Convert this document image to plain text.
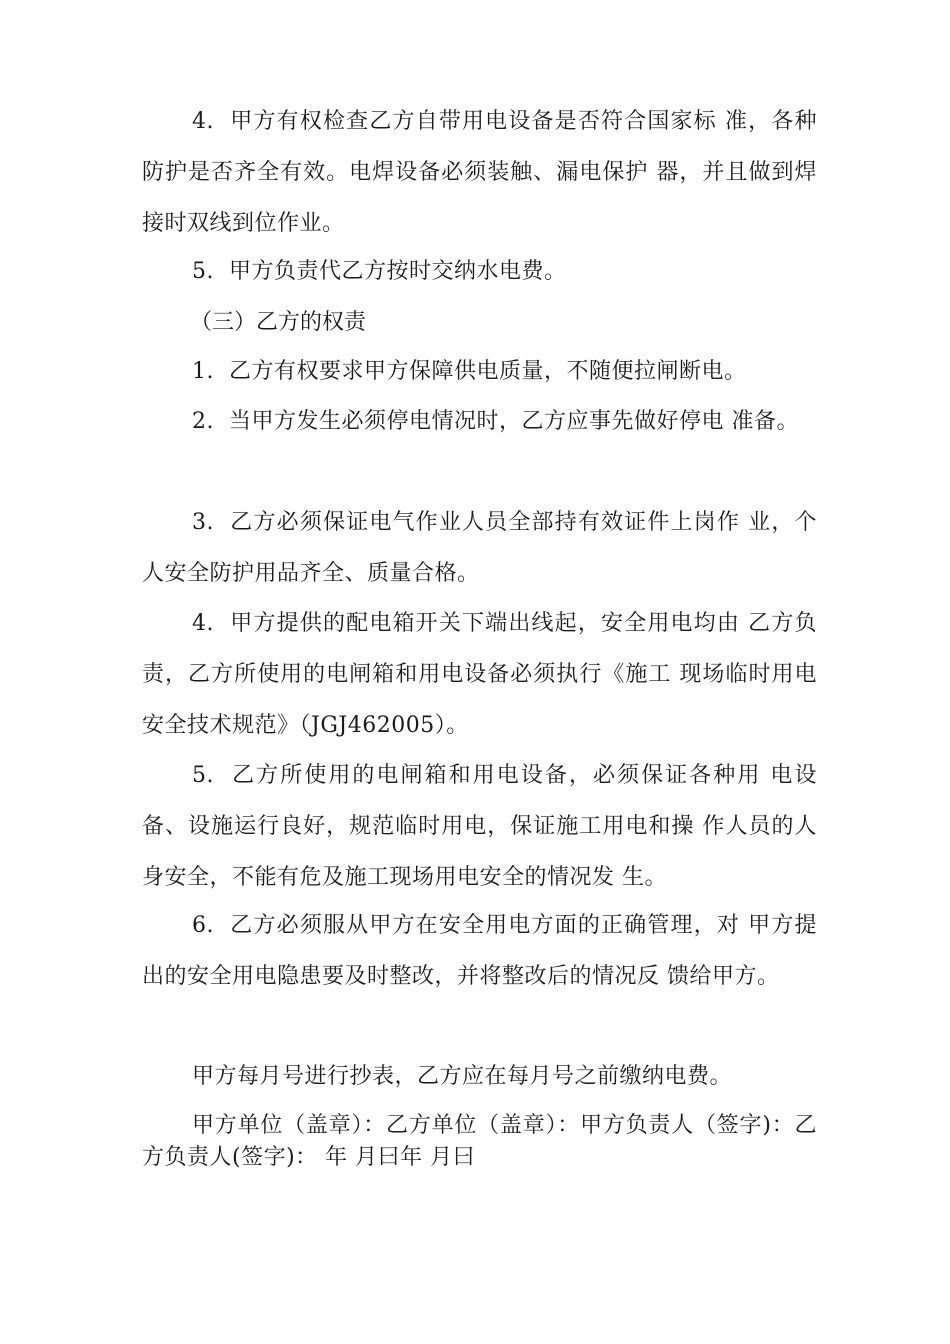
4.  甲方有权检查乙方自带用电设备是否符合国家标 准，各种防护是否齐全有效。电焊设备必须装触、漏电保护 器，并且做到焊接时双线到位作业。

5.  甲方负责代乙方按时交纳水电费。

（三）乙方的权责

1.  乙方有权要求甲方保障供电质量，不随便拉闸断电。

2.  当甲方发生必须停电情况时，乙方应事先做好停电 准备。

3.  乙方必须保证电气作业人员全部持有效证件上岗作 业，个人安全防护用品齐全、质量合格。

4.  甲方提供的配电箱开关下端出线起，安全用电均由 乙方负责，乙方所使用的电闸箱和用电设备必须执行《施工 现场临时用电安全技术规范》（JGJ462005）。

5.  乙方所使用的电闸箱和用电设备，必须保证各种用 电设备、设施运行良好，规范临时用电，保证施工用电和操 作人员的人身安全，不能有危及施工现场用电安全的情况发 生。

6.  乙方必须服从甲方在安全用电方面的正确管理，对 甲方提出的安全用电隐患要及时整改，并将整改后的情况反 馈给甲方。

甲方每月号进行抄表，乙方应在每月号之前缴纳电费。

甲方单位（盖章）：乙方单位（盖章）：甲方负责人（签字)：乙方负责人(签字)： 年 月曰年 月曰
